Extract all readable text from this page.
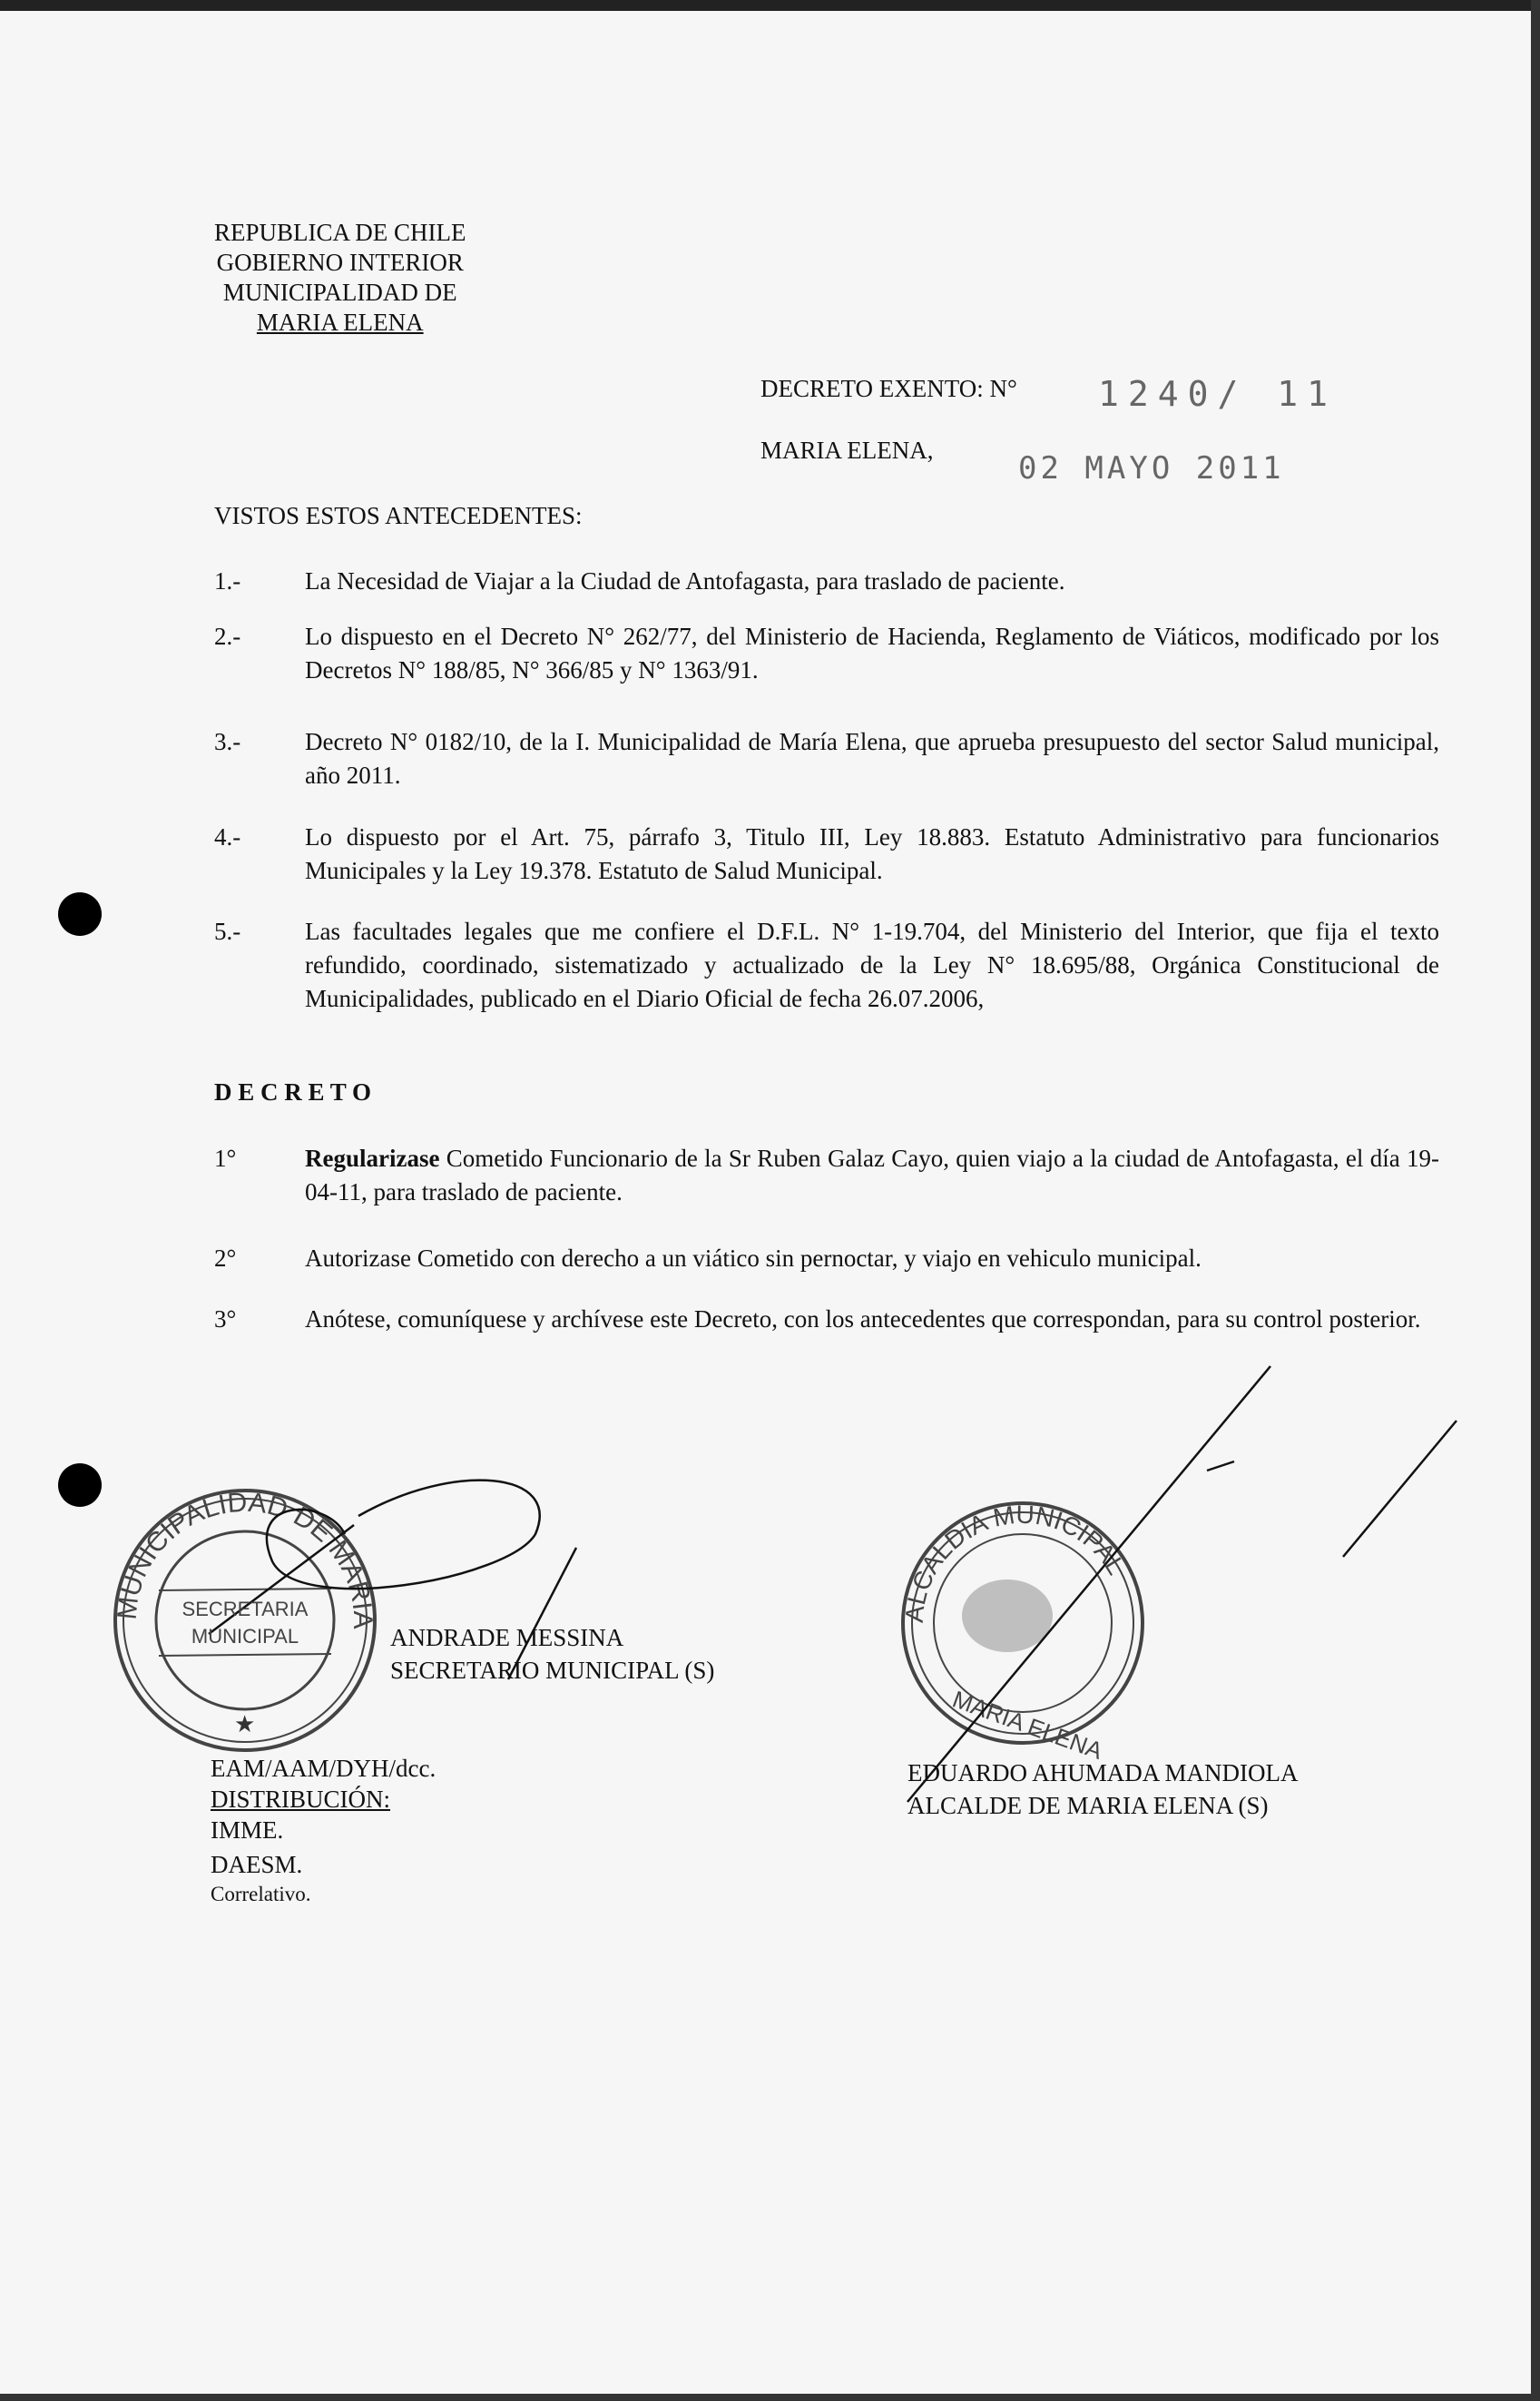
REPUBLICA DE CHILE
GOBIERNO INTERIOR
MUNICIPALIDAD DE
MARIA ELENA
DECRETO EXENTO: N° 1240/ 11
MARIA ELENA,	02 MAYO 2011
VISTOS ESTOS ANTECEDENTES:
1.-	La Necesidad de Viajar a la Ciudad de Antofagasta, para traslado de paciente.
2.-	Lo dispuesto en el Decreto N° 262/77, del Ministerio de Hacienda, Reglamento de Viáticos, modificado por los Decretos N° 188/85, N° 366/85 y N° 1363/91.
3.-	Decreto N° 0182/10, de la I. Municipalidad de María Elena, que aprueba presupuesto del sector Salud municipal, año 2011.
4.-	Lo dispuesto por el Art. 75, párrafo 3, Titulo III, Ley 18.883. Estatuto Administrativo para funcionarios Municipales y la Ley 19.378. Estatuto de Salud Municipal.
5.-	Las facultades legales que me confiere el D.F.L. N° 1-19.704, del Ministerio del Interior, que fija el texto refundido, coordinado, sistematizado y actualizado de la Ley N° 18.695/88, Orgánica Constitucional de Municipalidades, publicado en el Diario Oficial de fecha 26.07.2006,
D E C R E T O
1°	Regularizase Cometido Funcionario de la Sr Ruben Galaz Cayo, quien viajo a la ciudad de Antofagasta, el día 19-04-11, para traslado de paciente.
2°	Autorizase Cometido con derecho a un viático sin pernoctar, y viajo en vehiculo municipal.
3°	Anótese, comuníquese y archívese este Decreto, con los antecedentes que correspondan, para su control posterior.
MUNICIPALIDAD DE MARIA
★
ALCALDIA MUNICIPAL
MARIA ELENA
SECRETARIA MUNICIPAL	ANDRADE MESSINA
SECRETARIO MUNICIPAL (S)
EDUARDO AHUMADA MANDIOLA
ALCALDE DE MARIA ELENA (S)
EAM/AAM/DYH/dcc.
DISTRIBUCIÓN:
IMME.
DAESM.
Correlativo.
